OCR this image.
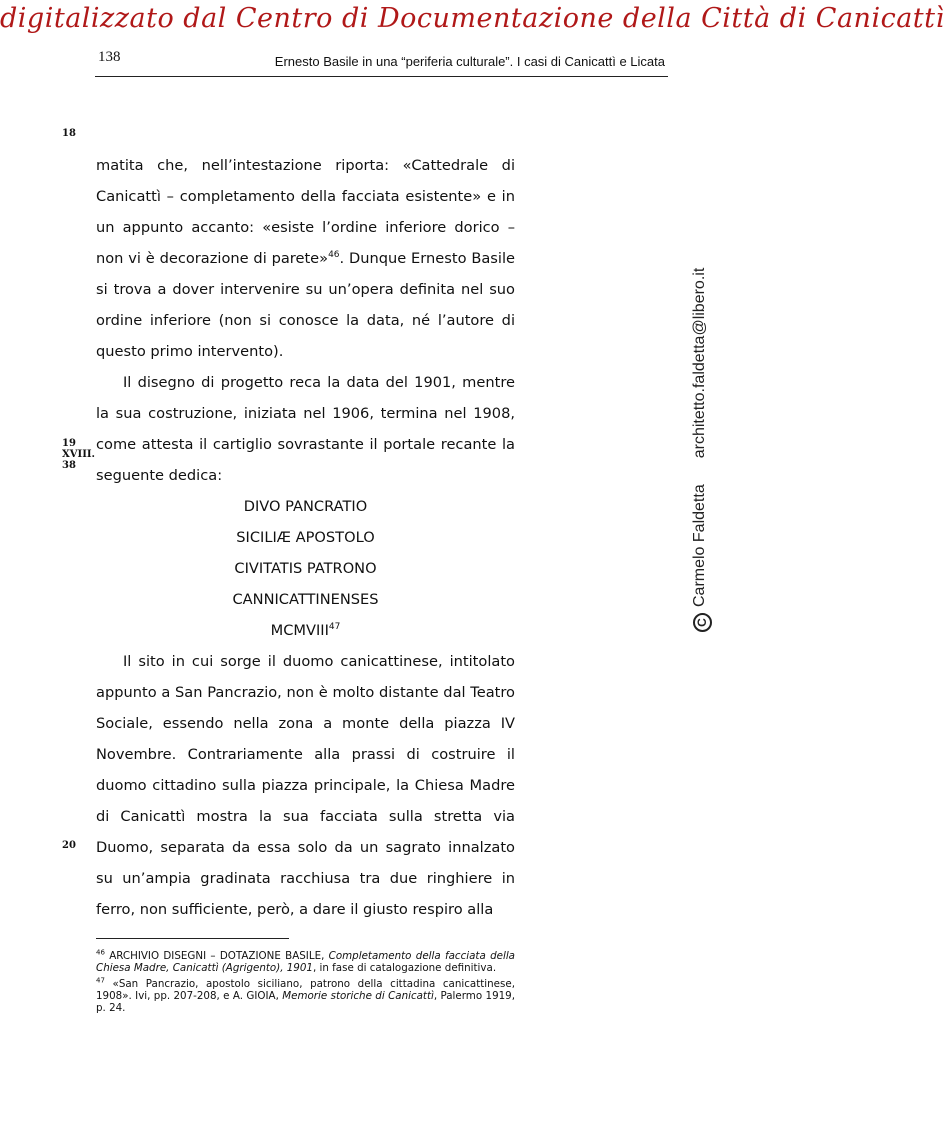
digitalizzato dal Centro di Documentazione della Città di Canicattì
138	Ernesto Basile in una “periferia culturale”. I casi di Canicattì e Licata
18
19
XVIII.
38
20

matita che, nell’intestazione riporta: «Cattedrale di Canicattì – completamento della facciata esistente» e in un appunto accanto: «esiste l’ordine inferiore dorico – non vi è decorazione di parete»$^{46}$. Dunque Ernesto Basile si trova a dover intervenire su un’opera definita nel suo ordine inferiore (non si conosce la data, né l’autore di questo primo intervento).

Il disegno di progetto reca la data del 1901, mentre la sua costruzione, iniziata nel 1906, termina nel 1908, come attesta il cartiglio sovrastante il portale recante la seguente dedica:

DIVO PANCRATIO
SICILIÆ APOSTOLO
CIVITATIS PATRONO
CANNICATTINENSES
MCMVIII$^{47}$

Il sito in cui sorge il duomo canicattinese, intitolato appunto a San Pancrazio, non è molto distante dal Teatro Sociale, essendo nella zona a monte della piazza IV Novembre. Contrariamente alla prassi di costruire il duomo cittadino sulla piazza principale, la Chiesa Madre di Canicattì mostra la sua facciata sulla stretta via Duomo, separata da essa solo da un sagrato innalzato su un’ampia gradinata racchiusa tra due ringhiere in ferro, non sufficiente, però, a dare il giusto respiro alla

$^{46}$ ARCHIVIO DISEGNI – DOTAZIONE BASILE, Completamento della facciata della Chiesa Madre, Canicattì (Agrigento), 1901, in fase di catalogazione definitiva.

$^{47}$ «San Pancrazio, apostolo siciliano, patrono della cittadina canicattinese, 1908». Ivi, pp. 207-208, e A. GIOIA, Memorie storiche di Canicattì, Palermo 1919, p. 24.

CCarmelo Faldettaarchitetto.faldetta@libero.it
